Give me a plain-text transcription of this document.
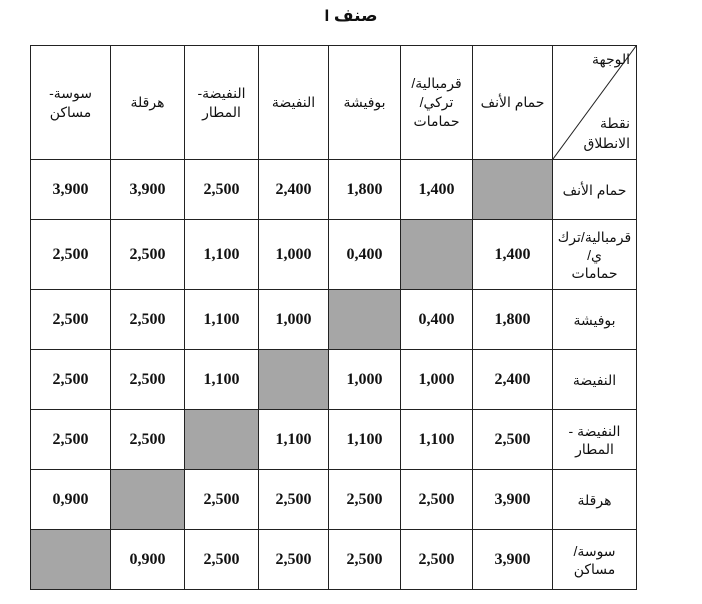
صنف I
الوجهة
نقطة
الانطلاق	حمام الأنف	قرمبالية/
تركي/
حمامات	بوفيشة	النفيضة	النفيضة-
المطار	هرقلة	سوسة-
مساكن

حمام الأنف		1,400	1,800	2,400	2,500	3,900	3,900

قرمبالية/ترك
ي/
حمامات	1,400		0,400	1,000	1,100	2,500	2,500

بوفيشة	1,800	0,400		1,000	1,100	2,500	2,500

النفيضة	2,400	1,000	1,000		1,100	2,500	2,500

النفيضة -
المطار	2,500	1,100	1,100	1,100		2,500	2,500

هرقلة	3,900	2,500	2,500	2,500	2,500		0,900

سوسة/
مساكن	3,900	2,500	2,500	2,500	2,500	0,900	
